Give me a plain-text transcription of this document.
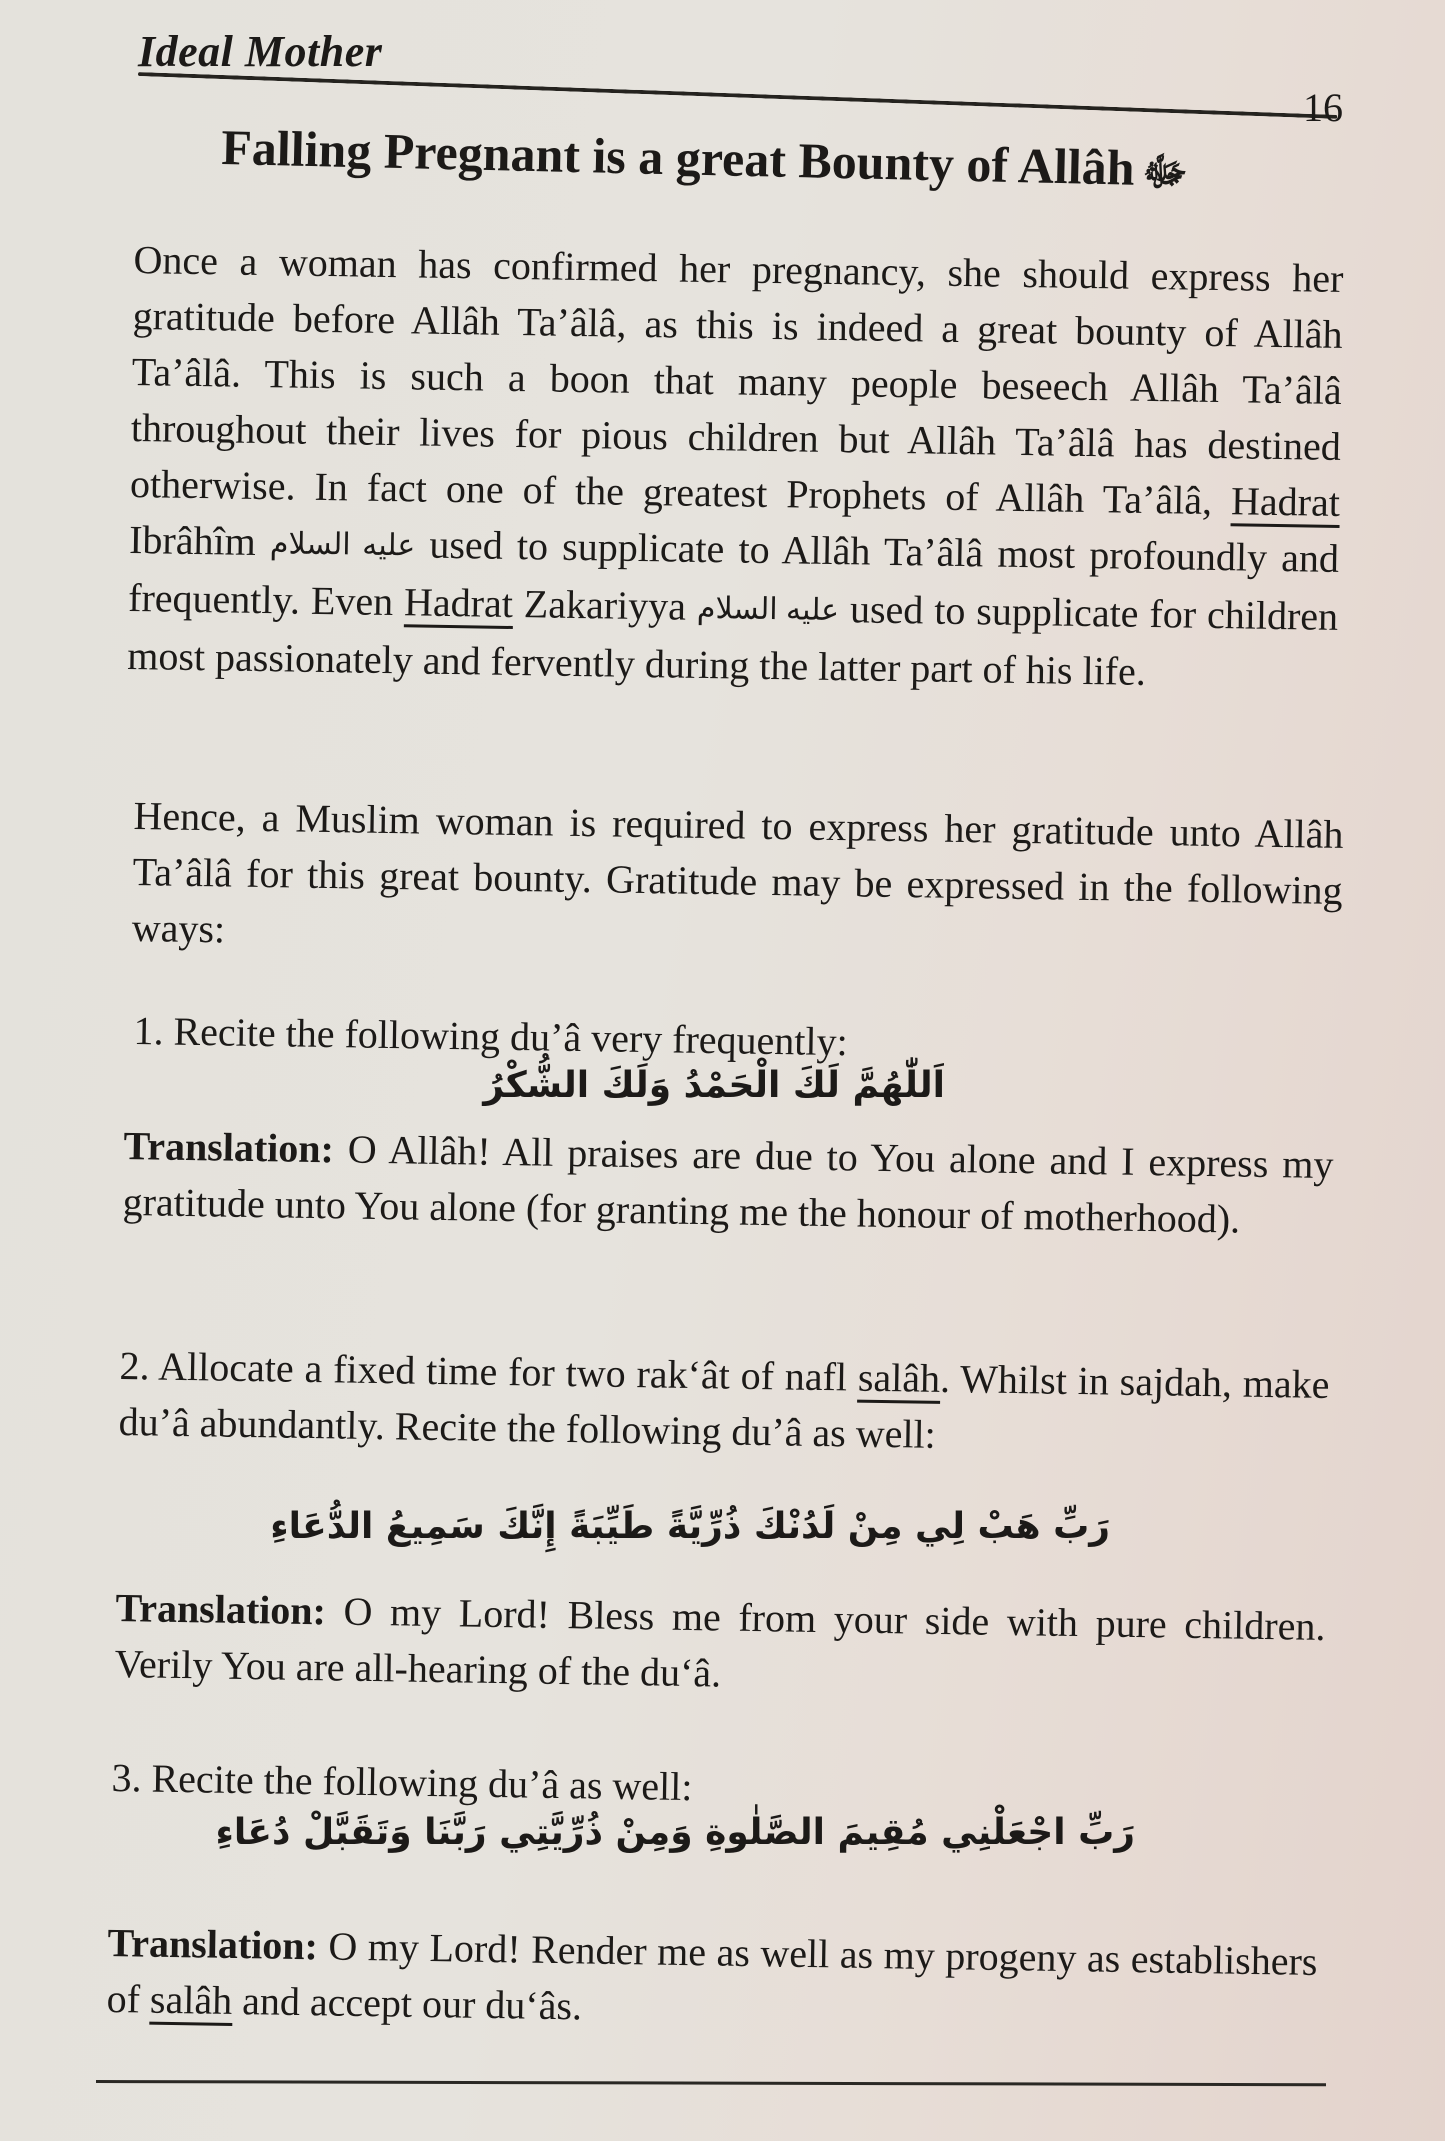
Ideal Mother
16
Falling Pregnant is a great Bounty of Allâh ﷻ
Once a woman has confirmed her pregnancy, she should express her gratitude before Allâh Ta’âlâ, as this is indeed a great bounty of Allâh Ta’âlâ. This is such a boon that many people beseech Allâh Ta’âlâ throughout their lives for pious children but Allâh Ta’âlâ has destined otherwise. In fact one of the greatest Prophets of Allâh Ta’âlâ, Hadrat Ibrâhîm عليه السلام used to supplicate to Allâh Ta’âlâ most profoundly and frequently. Even Hadrat Zakariyya عليه السلام used to supplicate for children most passionately and fervently during the latter part of his life.
Hence, a Muslim woman is required to express her gratitude unto Allâh Ta’âlâ for this great bounty. Gratitude may be expressed in the following ways:
1. Recite the following du’â very frequently:
اَللّٰهُمَّ لَكَ الْحَمْدُ وَلَكَ الشُّكْرُ
Translation: O Allâh! All praises are due to You alone and I express my gratitude unto You alone (for granting me the honour of motherhood).
2. Allocate a fixed time for two rak‘ât of nafl salâh. Whilst in sajdah, make du’â abundantly. Recite the following du’â as well:
رَبِّ هَبْ لِي مِنْ لَدُنْكَ ذُرِّيَّةً طَيِّبَةً إِنَّكَ سَمِيعُ الدُّعَاءِ
Translation: O my Lord! Bless me from your side with pure children. Verily You are all-hearing of the du‘â.
3. Recite the following du’â as well:
رَبِّ اجْعَلْنِي مُقِيمَ الصَّلٰوةِ وَمِنْ ذُرِّيَّتِي رَبَّنَا وَتَقَبَّلْ دُعَاءِ
Translation: O my Lord! Render me as well as my progeny as establishers of salâh and accept our du‘âs.
